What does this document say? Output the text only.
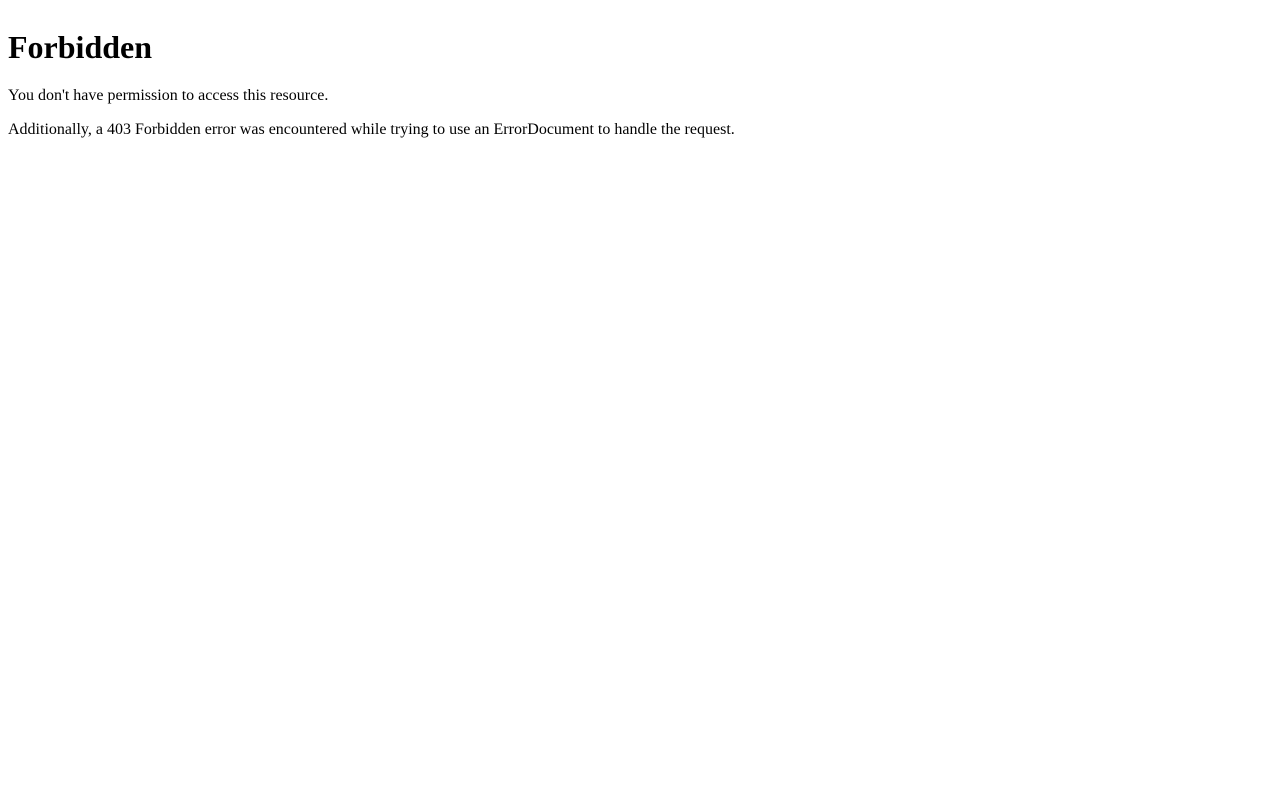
Forbidden

You don't have permission to access this resource.

Additionally, a 403 Forbidden error was encountered while trying to use an ErrorDocument to handle the request.
